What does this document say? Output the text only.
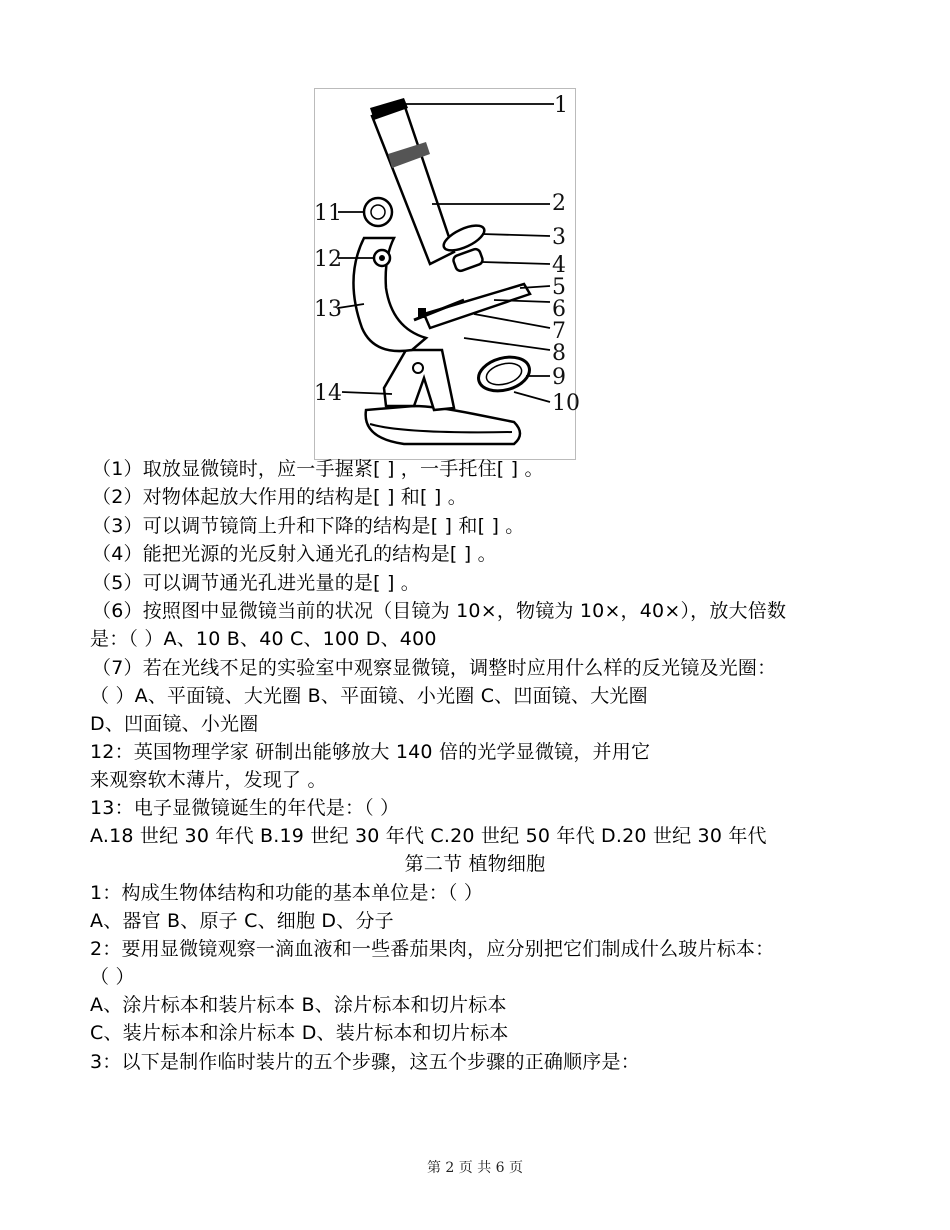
1
2
3
4
5
6
7
8
9
10
11
12
13
14
（1）取放显微镜时，应一手握紧[ ] ，一手托住[ ] 。
（2）对物体起放大作用的结构是[ ] 和[ ] 。
（3）可以调节镜筒上升和下降的结构是[ ] 和[ ] 。
（4）能把光源的光反射入通光孔的结构是[ ] 。
（5）可以调节通光孔进光量的是[ ] 。
（6）按照图中显微镜当前的状况（目镜为 10×，物镜为 10×，40×），放大倍数
是：（ ）A、10 B、40 C、100 D、400
（7）若在光线不足的实验室中观察显微镜，调整时应用什么样的反光镜及光圈：
（ ）A、平面镜、大光圈 B、平面镜、小光圈 C、凹面镜、大光圈
D、凹面镜、小光圈
12：英国物理学家 研制出能够放大 140 倍的光学显微镜，并用它
来观察软木薄片，发现了 。
13：电子显微镜诞生的年代是：（ ）
A.18 世纪 30 年代 B.19 世纪 30 年代 C.20 世纪 50 年代 D.20 世纪 30 年代
第二节 植物细胞
1：构成生物体结构和功能的基本单位是：（ ）
A、器官 B、原子 C、细胞 D、分子
2：要用显微镜观察一滴血液和一些番茄果肉，应分别把它们制成什么玻片标本：
（ ）
A、涂片标本和装片标本 B、涂片标本和切片标本
C、装片标本和涂片标本 D、装片标本和切片标本
3：以下是制作临时装片的五个步骤，这五个步骤的正确顺序是：
第 2 页 共 6 页
